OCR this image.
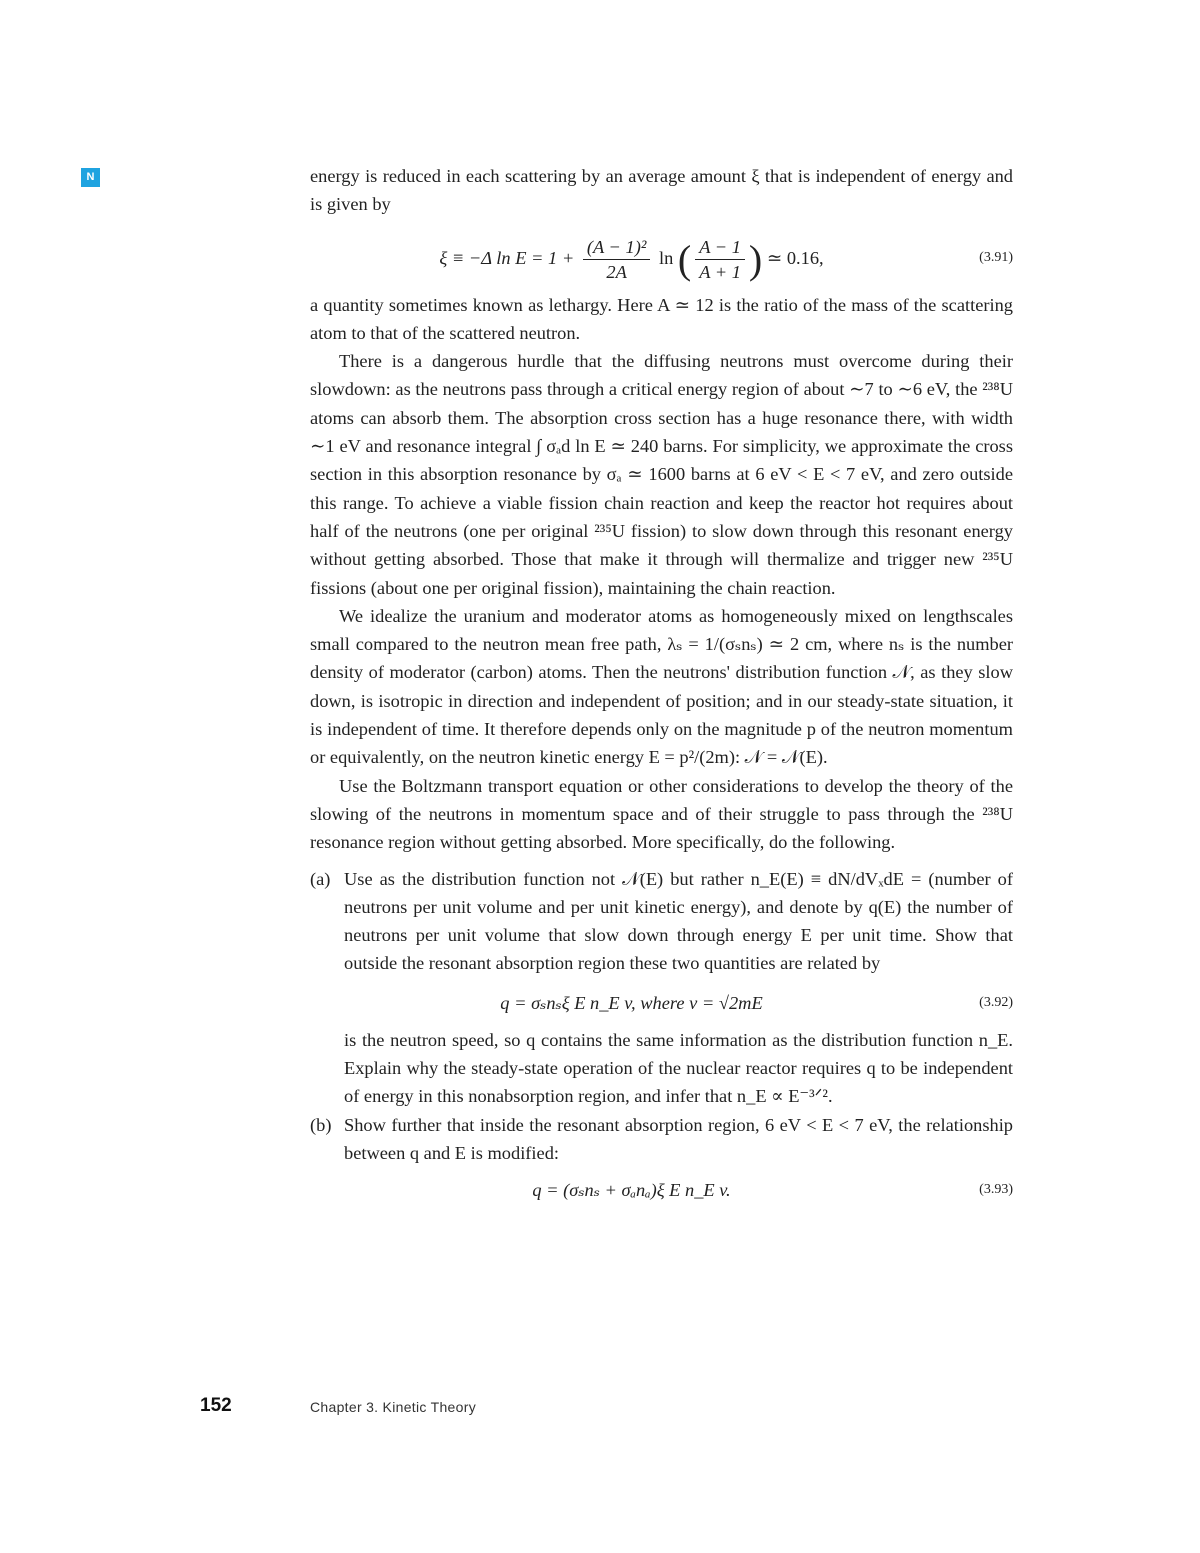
N	energy is reduced in each scattering by an average amount ξ that is independent of energy and is given by

ξ ≡ −Δ $\ln E = 1 + \frac{\text{(A − 1)²}}{2A}$ ln ( $\frac{A - 1}{A + 1}$ ) ≃ 0.16,	(3.91)

a quantity sometimes known as lethargy. Here A ≃ 12 is the ratio of the mass of the scattering atom to that of the scattered neutron.

There is a dangerous hurdle that the diffusing neutrons must overcome during their slowdown: as the neutrons pass through a critical energy region of about ∼7 to ∼6 eV, the ²³⁸U atoms can absorb them. The absorption cross section has a huge resonance there, with width ∼1 eV and resonance integral ∫ σₐd ln E ≃ 240 barns. For simplicity, we approximate the cross section in this absorption resonance by σₐ ≃ 1600 barns at 6 eV < E < 7 eV, and zero outside this range. To achieve a viable fission chain reaction and keep the reactor hot requires about half of the neutrons (one per original ²³⁵U fission) to slow down through this resonant energy without getting absorbed. Those that make it through will thermalize and trigger new ²³⁵U fissions (about one per original fission), maintaining the chain reaction.

We idealize the uranium and moderator atoms as homogeneously mixed on lengthscales small compared to the neutron mean free path, λₛ = 1/(σₛnₛ) ≃ 2 cm, where nₛ is the number density of moderator (carbon) atoms. Then the neutrons' distribution function 𝒩, as they slow down, is isotropic in direction and independent of position; and in our steady-state situation, it is independent of time. It therefore depends only on the magnitude p of the neutron momentum or equivalently, on the neutron kinetic energy E = p²/(2m): 𝒩 = 𝒩(E).

Use the Boltzmann transport equation or other considerations to develop the theory of the slowing of the neutrons in momentum space and of their struggle to pass through the ²³⁸U resonance region without getting absorbed. More specifically, do the following.

(a) Use as the distribution function not 𝒩(E) but rather n_E(E) ≡ dN/dVₓdE = (number of neutrons per unit volume and per unit kinetic energy), and denote by q(E) the number of neutrons per unit volume that slow down through energy E per unit time. Show that outside the resonant absorption region these two quantities are related by

q = σₛnₛξ E n_E v, where v = √2mE	(3.92)

is the neutron speed, so q contains the same information as the distribution function n_E. Explain why the steady-state operation of the nuclear reactor requires q to be independent of energy in this nonabsorption region, and infer that n_E ∝ E⁻³ᐟ².

(b) Show further that inside the resonant absorption region, 6 eV < E < 7 eV, the relationship between q and E is modified:

q = (σₛnₛ + σₐnₐ)ξ E n_E v.	(3.93)
152	Chapter 3. Kinetic Theory
